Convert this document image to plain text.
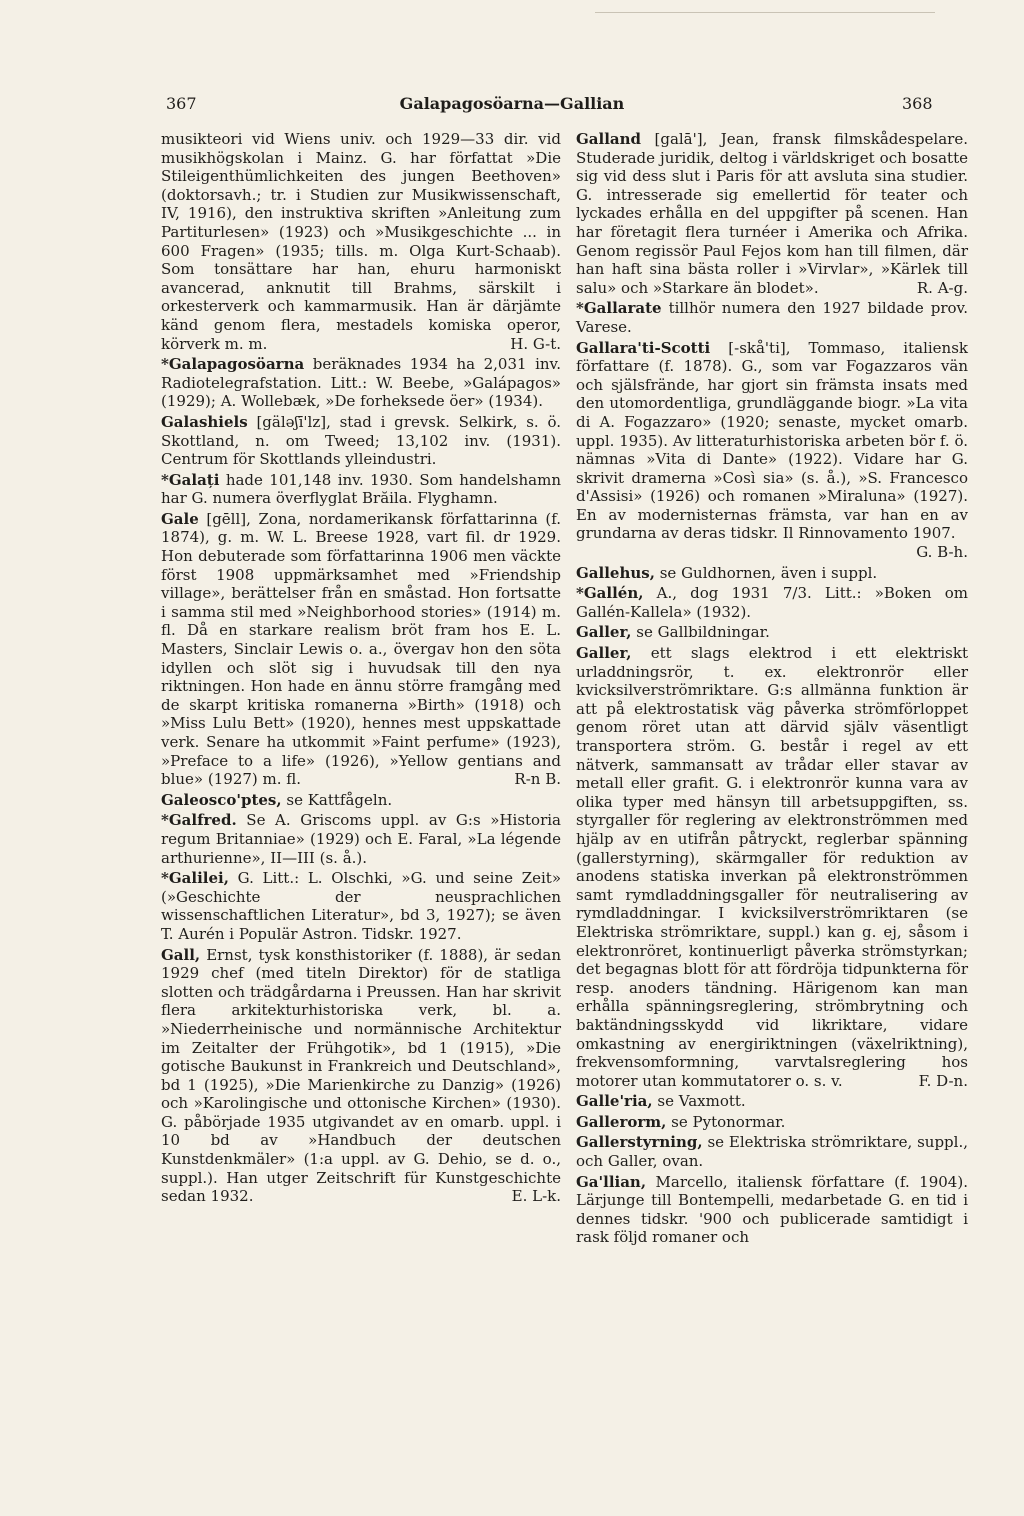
367	Galapagosöarna—Gallian	368
musikteori vid Wiens univ. och 1929—33 dir. vid musikhögskolan i Mainz. G. har författat »Die Stileigenthümlichkeiten des jungen Beethoven» (doktorsavh.; tr. i Studien zur Musikwissenschaft, IV, 1916), den instruktiva skriften »Anleitung zum Partiturlesen» (1923) och »Musikgeschichte ... in 600 Fragen» (1935; tills. m. Olga Kurt-Schaab). Som tonsättare har han, ehuru harmoniskt avancerad, anknutit till Brahms, särskilt i orkesterverk och kammarmusik. Han är därjämte känd genom flera, mestadels komiska operor, körverk m. m.	H. G-t.
*Galapagosöarna beräknades 1934 ha 2,031 inv. Radiotelegrafstation. Litt.: W. Beebe, »Galápagos» (1929); A. Wollebæk, »De forheksede öer» (1934).
Galashiels [gäləʃī'lz], stad i grevsk. Selkirk, s. ö. Skottland, n. om Tweed; 13,102 inv. (1931). Centrum för Skottlands ylleindustri.
*Galați hade 101,148 inv. 1930. Som handelshamn har G. numera överflyglat Brăila. Flyghamn.
Gale [gēll], Zona, nordamerikansk författarinna (f. 1874), g. m. W. L. Breese 1928, vart fil. dr 1929. Hon debuterade som författarinna 1906 men väckte först 1908 uppmärksamhet med »Friendship village», berättelser från en småstad. Hon fortsatte i samma stil med »Neighborhood stories» (1914) m. fl. Då en starkare realism bröt fram hos E. L. Masters, Sinclair Lewis o. a., övergav hon den söta idyllen och slöt sig i huvudsak till den nya riktningen. Hon hade en ännu större framgång med de skarpt kritiska romanerna »Birth» (1918) och »Miss Lulu Bett» (1920), hennes mest uppskattade verk. Senare ha utkommit »Faint perfume» (1923), »Preface to a life» (1926), »Yellow gentians and blue» (1927) m. fl.	R-n B.
Galeosco'ptes, se Kattfågeln.
*Galfred. Se A. Griscoms uppl. av G:s »Historia regum Britanniae» (1929) och E. Faral, »La légende arthurienne», II—III (s. å.).
*Galilei, G. Litt.: L. Olschki, »G. und seine Zeit» (»Geschichte der neusprachlichen wissenschaftlichen Literatur», bd 3, 1927); se även T. Aurén i Populär Astron. Tidskr. 1927.
Gall, Ernst, tysk konsthistoriker (f. 1888), är sedan 1929 chef (med titeln Direktor) för de statliga slotten och trädgårdarna i Preussen. Han har skrivit flera arkitekturhistoriska verk, bl. a. »Niederrheinische und normännische Architektur im Zeitalter der Frühgotik», bd 1 (1915), »Die gotische Baukunst in Frankreich und Deutschland», bd 1 (1925), »Die Marienkirche zu Danzig» (1926) och »Karolingische und ottonische Kirchen» (1930). G. påbörjade 1935 utgivandet av en omarb. uppl. i 10 bd av »Handbuch der deutschen Kunstdenkmäler» (1:a uppl. av G. Dehio, se d. o., suppl.). Han utger Zeitschrift für Kunstgeschichte sedan 1932.	E. L-k.
Galland [galā'], Jean, fransk filmskådespelare. Studerade juridik, deltog i världskriget och bosatte sig vid dess slut i Paris för att avsluta sina studier. G. intresserade sig emellertid för teater och lyckades erhålla en del uppgifter på scenen. Han har företagit flera turnéer i Amerika och Afrika. Genom regissör Paul Fejos kom han till filmen, där han haft sina bästa roller i »Virvlar», »Kärlek till salu» och »Starkare än blodet».	R. A-g.
*Gallarate tillhör numera den 1927 bildade prov. Varese.
Gallara'ti-Scotti [-skå'ti], Tommaso, italiensk författare (f. 1878). G., som var Fogazzaros vän och själsfrände, har gjort sin främsta insats med den utomordentliga, grundläggande biogr. »La vita di A. Fogazzaro» (1920; senaste, mycket omarb. uppl. 1935). Av litteraturhistoriska arbeten bör f. ö. nämnas »Vita di Dante» (1922). Vidare har G. skrivit dramerna »Così sia» (s. å.), »S. Francesco d'Assisi» (1926) och romanen »Miraluna» (1927). En av modernisternas främsta, var han en av grundarna av deras tidskr. Il Rinnovamento 1907.
G. B-h.
Gallehus, se Guldhornen, även i suppl.
*Gallén, A., dog 1931 7/3. Litt.: »Boken om Gallén-Kallela» (1932).
Galler, se Gallbildningar.
Galler, ett slags elektrod i ett elektriskt urladdningsrör, t. ex. elektronrör eller kvicksilverströmriktare. G:s allmänna funktion är att på elektrostatisk väg påverka strömförloppet genom röret utan att därvid själv väsentligt transportera ström. G. består i regel av ett nätverk, sammansatt av trådar eller stavar av metall eller grafit. G. i elektronrör kunna vara av olika typer med hänsyn till arbetsuppgiften, ss. styrgaller för reglering av elektronströmmen med hjälp av en utifrån påtryckt, reglerbar spänning (gallerstyrning), skärmgaller för reduktion av anodens statiska inverkan på elektronströmmen samt rymdladdningsgaller för neutralisering av rymdladdningar. I kvicksilverströmriktaren (se Elektriska strömriktare, suppl.) kan g. ej, såsom i elektronröret, kontinuerligt påverka strömstyrkan; det begagnas blott för att fördröja tidpunkterna för resp. anoders tändning. Härigenom kan man erhålla spänningsreglering, strömbrytning och baktändningsskydd vid likriktare, vidare omkastning av energiriktningen (växelriktning), frekvensomformning, varvtalsreglering hos motorer utan kommutatorer o. s. v.	F. D-n.
Galle'ria, se Vaxmott.
Gallerorm, se Pytonormar.
Gallerstyrning, se Elektriska strömriktare, suppl., och Galler, ovan.
Ga'llian, Marcello, italiensk författare (f. 1904). Lärjunge till Bontempelli, medarbetade G. en tid i dennes tidskr. '900 och publicerade samtidigt i rask följd romaner och
